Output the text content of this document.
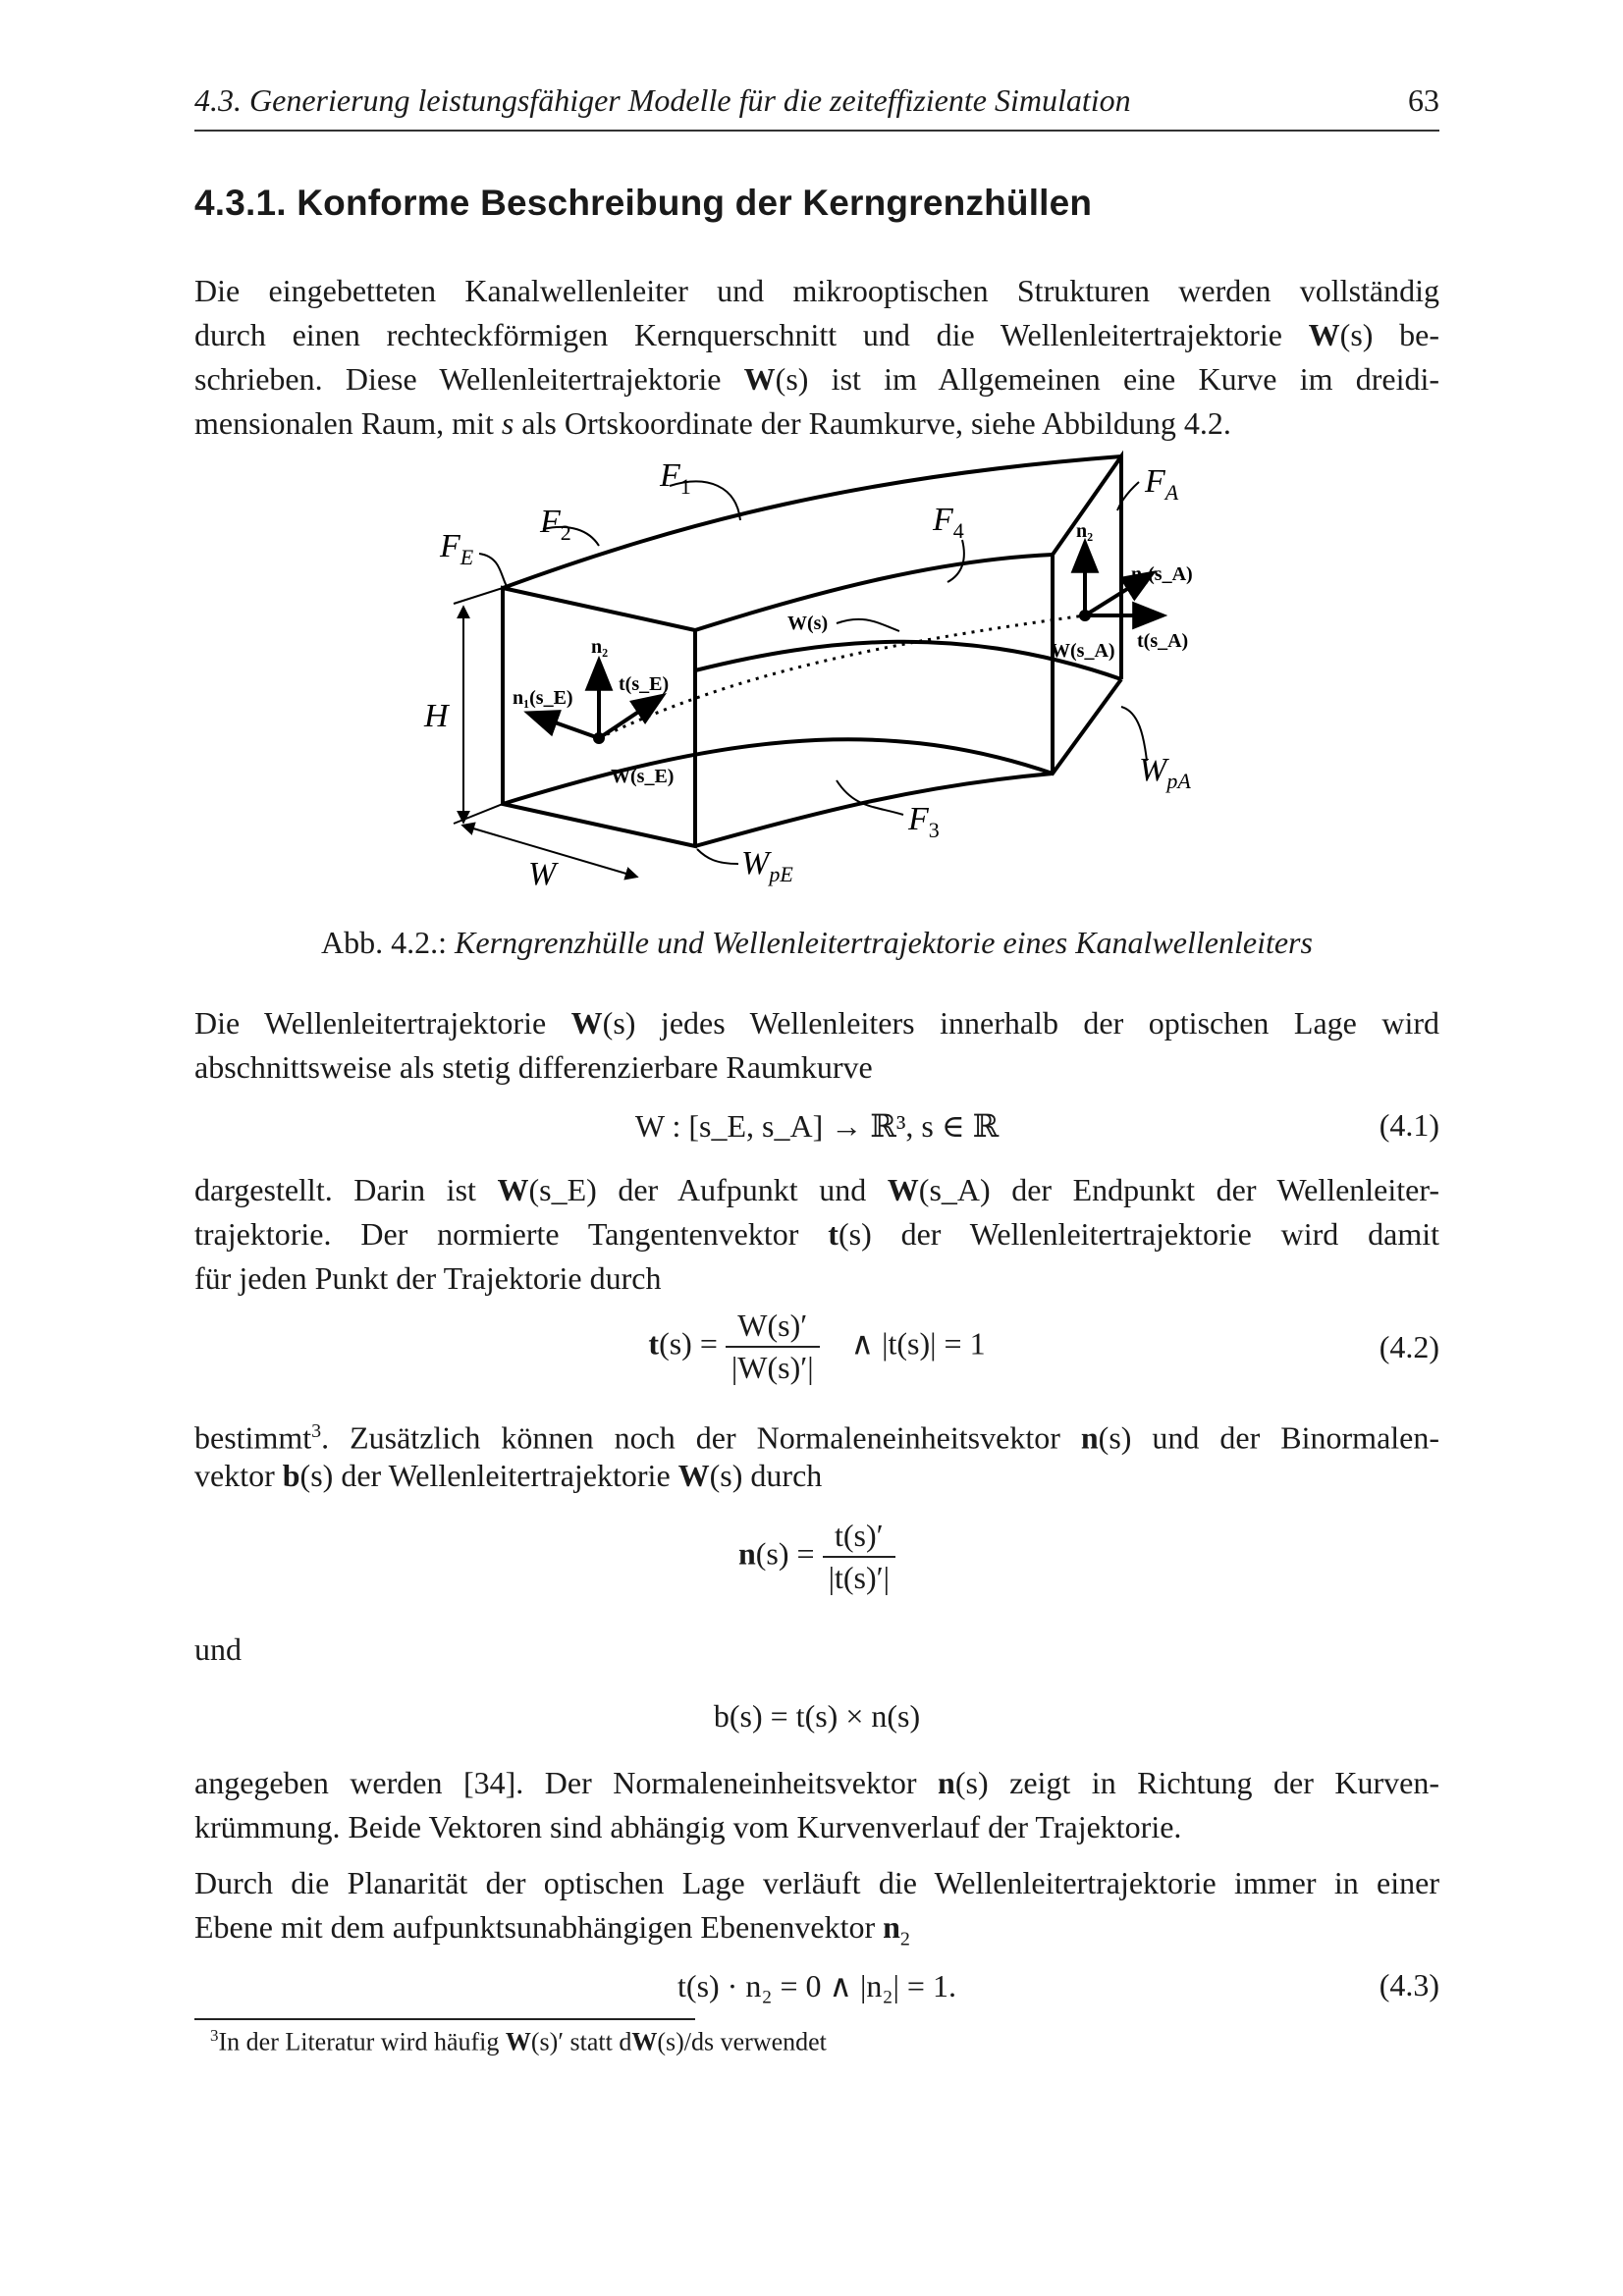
4.3. Generierung leistungsfähiger Modelle für die zeiteffiziente Simulation	63
4.3.1. Konforme Beschreibung der Kerngrenzhüllen
Die eingebetteten Kanalwellenleiter und mikrooptischen Strukturen werden vollständig
durch einen rechteckförmigen Kernquerschnitt und die Wellenleitertrajektorie W(s) be-
schrieben. Diese Wellenleitertrajektorie W(s) ist im Allgemeinen eine Kurve im dreidi-
mensionalen Raum, mit s als Ortskoordinate der Raumkurve, siehe Abbildung 4.2.
$F_1$
$F_2$	$F_4$
$F_E$
$F_A$
H
W
$F_3$
$W_{pE}$
$W_{pA}$
W(s)
n₂
n₁(s_E)
t(s_E)
W(s_E)
n₂
n₁(s_A)
t(s_A)
W(s_A)
Abb. 4.2.: Kerngrenzhülle und Wellenleitertrajektorie eines Kanalwellenleiters
Die Wellenleitertrajektorie W(s) jedes Wellenleiters innerhalb der optischen Lage wird
abschnittsweise als stetig differenzierbare Raumkurve
W : [s_E, s_A] → ℝ³, s ∈ ℝ	(4.1)
dargestellt. Darin ist W(s_E) der Aufpunkt und W(s_A) der Endpunkt der Wellenleiter-
trajektorie. Der normierte Tangentenvektor t(s) der Wellenleitertrajektorie wird damit
für jeden Punkt der Trajektorie durch
$t(s) = \frac{W(s)'}{|W(s)'|}$ ∧ |t(s)| = 1	(4.2)
bestimmt$^3$. Zusätzlich können noch der Normaleneinheitsvektor n(s) und der Binormalen-
vektor b(s) der Wellenleitertrajektorie W(s) durch
$n(s) = \frac{t(s)'}{|t(s)'|}$
und
b(s) = t(s) × n(s)
angegeben werden [34]. Der Normaleneinheitsvektor n(s) zeigt in Richtung der Kurven-
krümmung. Beide Vektoren sind abhängig vom Kurvenverlauf der Trajektorie.
Durch die Planarität der optischen Lage verläuft die Wellenleitertrajektorie immer in einer
Ebene mit dem aufpunktsunabhängigen Ebenenvektor $n_2$
t(s) · n₂ = 0 ∧ |n₂| = 1.	(4.3)
$^3$In der Literatur wird häufig W(s)′ statt dW(s)/ds verwendet
